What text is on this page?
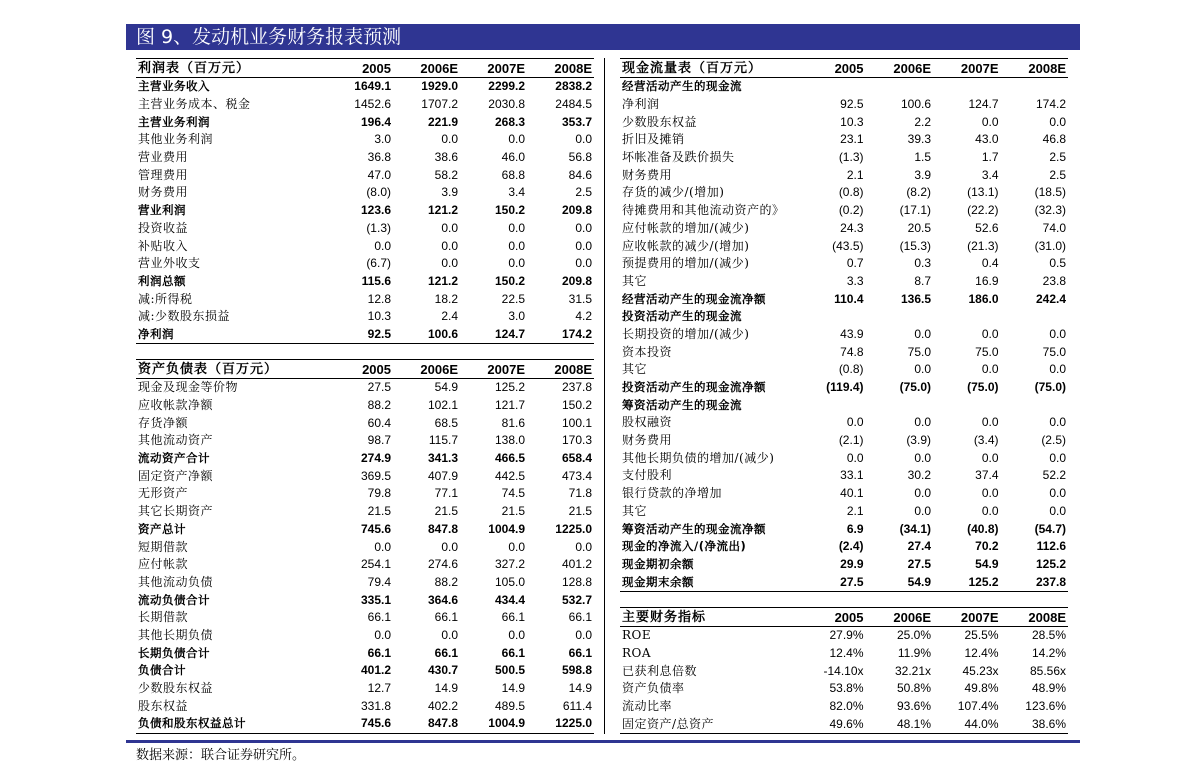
图 9、发动机业务财务报表预测
利润表（百万元）	2005	2006E	2007E	2008E
主营业务收入	1649.1	1929.0	2299.2	2838.2
主营业务成本、税金	1452.6	1707.2	2030.8	2484.5
主营业务利润	196.4	221.9	268.3	353.7
其他业务利润	3.0	0.0	0.0	0.0
营业费用	36.8	38.6	46.0	56.8
管理费用	47.0	58.2	68.8	84.6
财务费用	(8.0)	3.9	3.4	2.5
营业利润	123.6	121.2	150.2	209.8
投资收益	(1.3)	0.0	0.0	0.0
补贴收入	0.0	0.0	0.0	0.0
营业外收支	(6.7)	0.0	0.0	0.0
利润总额	115.6	121.2	150.2	209.8
减:所得税	12.8	18.2	22.5	31.5
减:少数股东损益	10.3	2.4	3.0	4.2
净利润	92.5	100.6	124.7	174.2
资产负债表（百万元）	2005	2006E	2007E	2008E
现金及现金等价物	27.5	54.9	125.2	237.8
应收帐款净额	88.2	102.1	121.7	150.2
存货净额	60.4	68.5	81.6	100.1
其他流动资产	98.7	115.7	138.0	170.3
流动资产合计	274.9	341.3	466.5	658.4
固定资产净额	369.5	407.9	442.5	473.4
无形资产	79.8	77.1	74.5	71.8
其它长期资产	21.5	21.5	21.5	21.5
资产总计	745.6	847.8	1004.9	1225.0
短期借款	0.0	0.0	0.0	0.0
应付帐款	254.1	274.6	327.2	401.2
其他流动负债	79.4	88.2	105.0	128.8
流动负债合计	335.1	364.6	434.4	532.7
长期借款	66.1	66.1	66.1	66.1
其他长期负债	0.0	0.0	0.0	0.0
长期负债合计	66.1	66.1	66.1	66.1
负债合计	401.2	430.7	500.5	598.8
少数股东权益	12.7	14.9	14.9	14.9
股东权益	331.8	402.2	489.5	611.4
负债和股东权益总计	745.6	847.8	1004.9	1225.0
现金流量表（百万元）	2005	2006E	2007E	2008E
经营活动产生的现金流				
净利润	92.5	100.6	124.7	174.2
少数股东权益	10.3	2.2	0.0	0.0
折旧及摊销	23.1	39.3	43.0	46.8
坏帐准备及跌价损失	(1.3)	1.5	1.7	2.5
财务费用	2.1	3.9	3.4	2.5
存货的减少/(增加)	(0.8)	(8.2)	(13.1)	(18.5)
待摊费用和其他流动资产的》	(0.2)	(17.1)	(22.2)	(32.3)
应付帐款的增加/(减少)	24.3	20.5	52.6	74.0
应收帐款的减少/(增加)	(43.5)	(15.3)	(21.3)	(31.0)
预提费用的增加/(减少)	0.7	0.3	0.4	0.5
其它	3.3	8.7	16.9	23.8
经营活动产生的现金流净额	110.4	136.5	186.0	242.4
投资活动产生的现金流				
长期投资的增加/(减少)	43.9	0.0	0.0	0.0
资本投资	74.8	75.0	75.0	75.0
其它	(0.8)	0.0	0.0	0.0
投资活动产生的现金流净额	(119.4)	(75.0)	(75.0)	(75.0)
筹资活动产生的现金流				
股权融资	0.0	0.0	0.0	0.0
财务费用	(2.1)	(3.9)	(3.4)	(2.5)
其他长期负债的增加/(减少)	0.0	0.0	0.0	0.0
支付股利	33.1	30.2	37.4	52.2
银行贷款的净增加	40.1	0.0	0.0	0.0
其它	2.1	0.0	0.0	0.0
筹资活动产生的现金流净额	6.9	(34.1)	(40.8)	(54.7)
现金的净流入/(净流出)	(2.4)	27.4	70.2	112.6
现金期初余额	29.9	27.5	54.9	125.2
现金期末余额	27.5	54.9	125.2	237.8
主要财务指标	2005	2006E	2007E	2008E
ROE	27.9%	25.0%	25.5%	28.5%
ROA	12.4%	11.9%	12.4%	14.2%
已获利息倍数	-14.10x	32.21x	45.23x	85.56x
资产负债率	53.8%	50.8%	49.8%	48.9%
流动比率	82.0%	93.6%	107.4%	123.6%
固定资产/总资产	49.6%	48.1%	44.0%	38.6%
数据来源：联合证券研究所。
